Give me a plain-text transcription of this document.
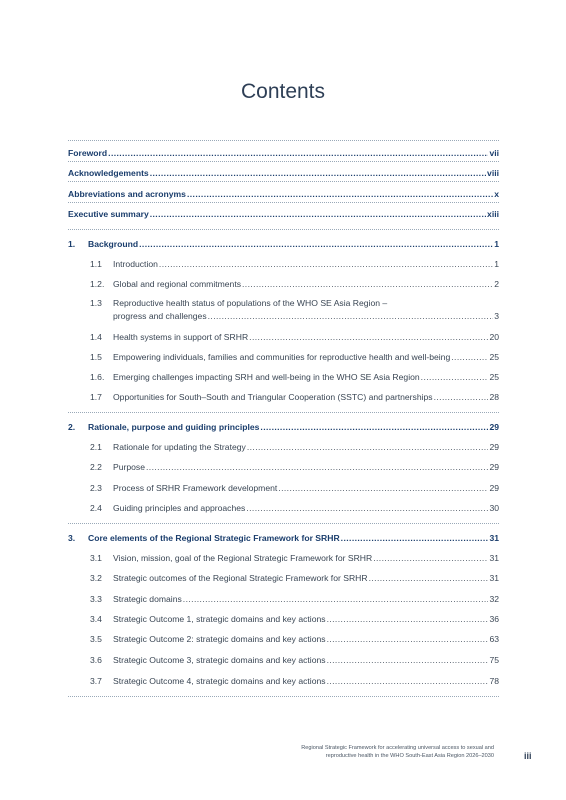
Contents
Foreword .....	vii
Acknowledgements .....	viii
Abbreviations and acronyms .....	x
Executive summary .....	xiii
1.	Background .....	1
1.1	Introduction .....	1
1.2.	Global and regional commitments .....	2
1.3	Reproductive health status of populations of the WHO SE Asia Region –
progress and challenges .....	3
1.4	Health systems in support of SRHR .....	20
1.5	Empowering individuals, families and communities for reproductive health and well-being .....	25
1.6.	Emerging challenges impacting SRH and well-being in the WHO SE Asia Region .....	25
1.7	Opportunities for South–South and Triangular Cooperation (SSTC) and partnerships .....	28
2.	Rationale, purpose and guiding principles .....	29
2.1	Rationale for updating the Strategy .....	29
2.2	Purpose .....	29
2.3	Process of SRHR Framework development .....	29
2.4	Guiding principles and approaches .....	30
3.	Core elements of the Regional Strategic Framework for SRHR .....	31
3.1	Vision, mission, goal of the Regional Strategic Framework for SRHR .....	31
3.2	Strategic outcomes of the Regional Strategic Framework for SRHR .....	31
3.3	Strategic domains .....	32
3.4	Strategic Outcome 1, strategic domains and key actions .....	36
3.5	Strategic Outcome 2: strategic domains and key actions .....	63
3.6	Strategic Outcome 3, strategic domains and key actions .....	75
3.7	Strategic Outcome 4, strategic domains and key actions .....	78
Regional Strategic Framework for accelerating universal access to sexual and
reproductive health in the WHO South-East Asia Region 2026–2030	iii
